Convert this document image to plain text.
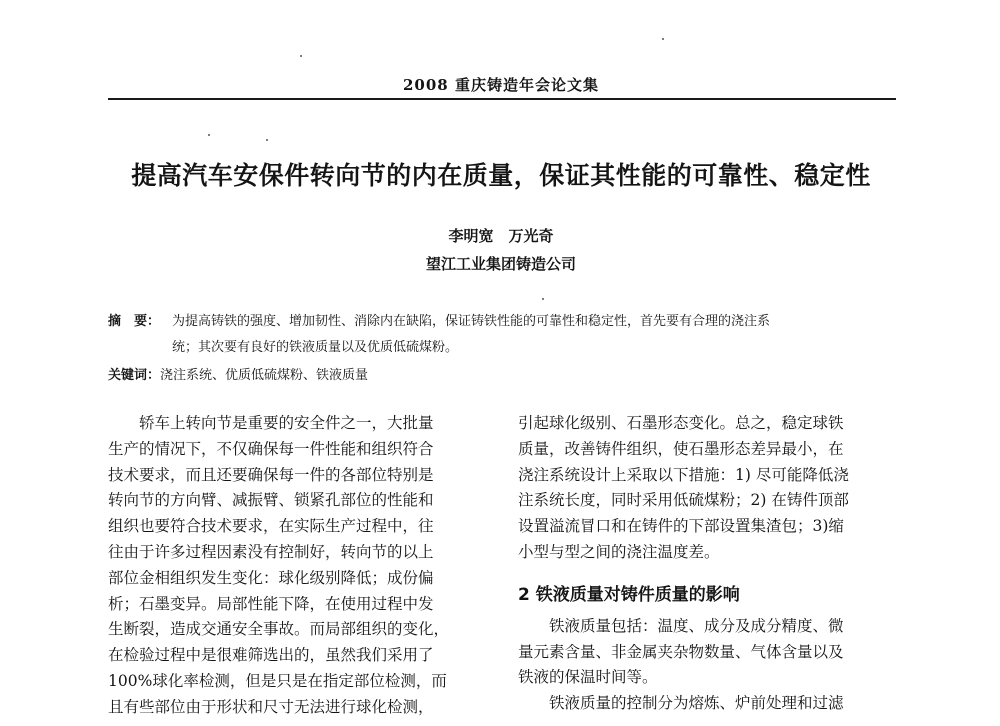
2008 重庆铸造年会论文集
提高汽车安保件转向节的内在质量，保证其性能的可靠性、稳定性
李明宽　万光奇
望江工业集团铸造公司
摘　要： 为提高铸铁的强度、增加韧性、消除内在缺陷，保证铸铁性能的可靠性和稳定性，首先要有合理的浇注系
统；其次要有良好的铁液质量以及优质低硫煤粉。
关键词：浇注系统、优质低硫煤粉、铁液质量
轿车上转向节是重要的安全件之一，大批量
生产的情况下，不仅确保每一件性能和组织符合
技术要求，而且还要确保每一件的各部位特别是
转向节的方向臂、减振臂、锁紧孔部位的性能和
组织也要符合技术要求，在实际生产过程中，往
往由于许多过程因素没有控制好，转向节的以上
部位金相组织发生变化：球化级别降低；成份偏
析；石墨变异。局部性能下降，在使用过程中发
生断裂，造成交通安全事故。而局部组织的变化，
在检验过程中是很难筛选出的，虽然我们采用了
100%球化率检测，但是只是在指定部位检测，而
且有些部位由于形状和尺寸无法进行球化检测，
引起球化级别、石墨形态变化。总之，稳定球铁
质量，改善铸件组织，使石墨形态差异最小，在
浇注系统设计上采取以下措施：1) 尽可能降低浇
注系统长度，同时采用低硫煤粉；2) 在铸件顶部
设置溢流冒口和在铸件的下部设置集渣包；3)缩
小型与型之间的浇注温度差。
2 铁液质量对铸件质量的影响
铁液质量包括：温度、成分及成分精度、微
量元素含量、非金属夹杂物数量、气体含量以及
铁液的保温时间等。
铁液质量的控制分为熔炼、炉前处理和过滤
